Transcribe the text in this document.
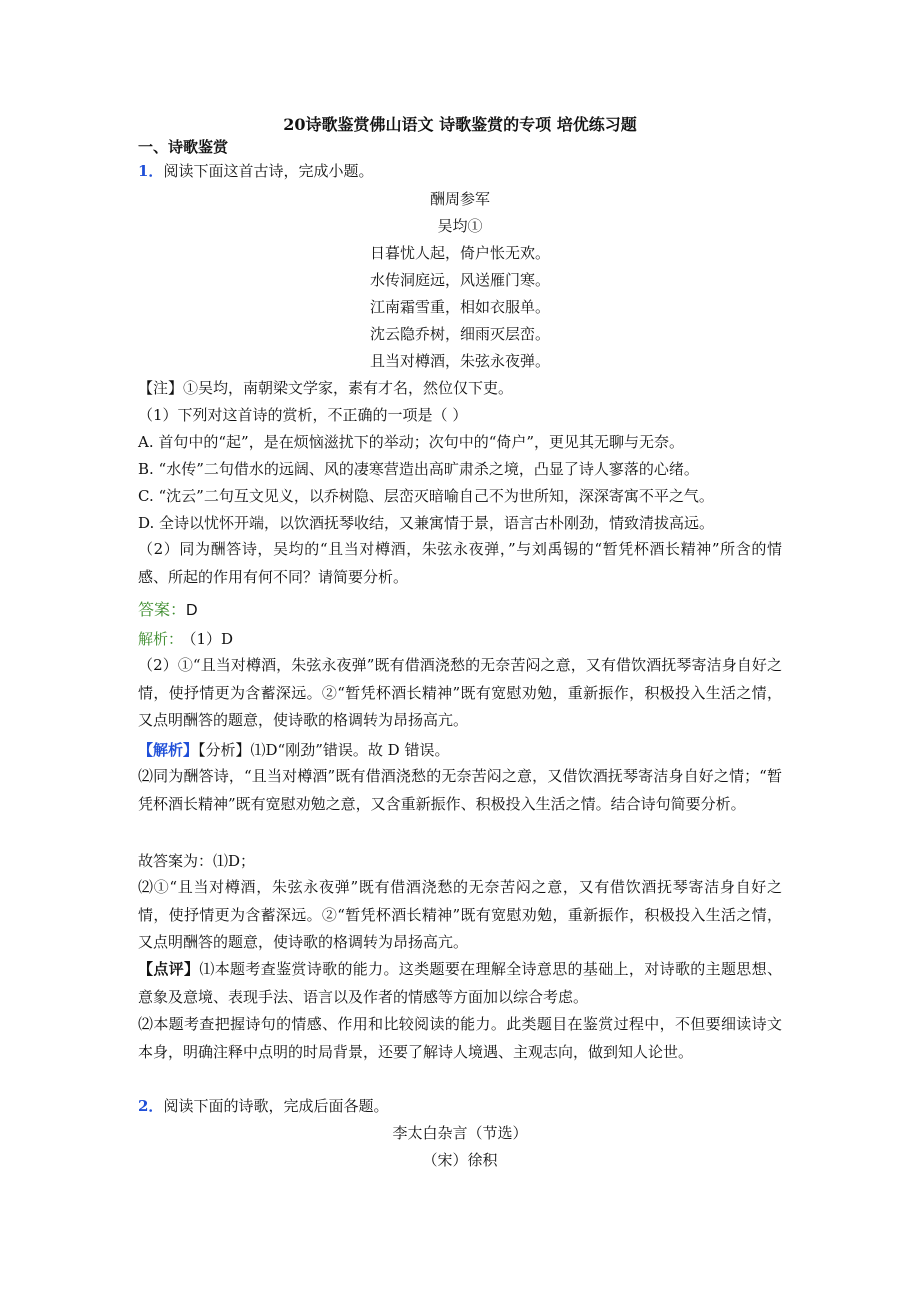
20诗歌鉴赏佛山语文 诗歌鉴赏的专项 培优练习题
一、诗歌鉴赏
1．阅读下面这首古诗，完成小题。
酬周参军
吴均①
日暮忧人起，倚户怅无欢。
水传洞庭远，风送雁门寒。
江南霜雪重，相如衣服单。
沈云隐乔树，细雨灭层峦。
且当对樽酒，朱弦永夜弹。
【注】①吴均，南朝梁文学家，素有才名，然位仅下吏。
（1）下列对这首诗的赏析，不正确的一项是（ ）
A. 首句中的“起”，是在烦恼滋扰下的举动；次句中的“倚户”，更见其无聊与无奈。
B. “水传”二句借水的远阔、风的凄寒营造出高旷肃杀之境，凸显了诗人寥落的心绪。
C. “沈云”二句互文见义，以乔树隐、层峦灭暗喻自己不为世所知，深深寄寓不平之气。
D. 全诗以忧怀开端，以饮酒抚琴收结，又兼寓情于景，语言古朴刚劲，情致清拔高远。
（2）同为酬答诗，吴均的“且当对樽酒，朱弦永夜弹，”与刘禹锡的“暂凭杯酒长精神”所含的情感、所起的作用有何不同？请简要分析。
答案：D
解析： （1）D
（2）①“且当对樽酒，朱弦永夜弹”既有借酒浇愁的无奈苦闷之意，又有借饮酒抚琴寄洁身自好之情，使抒情更为含蓄深远。②“暂凭杯酒长精神”既有宽慰劝勉，重新振作，积极投入生活之情，又点明酬答的题意，使诗歌的格调转为昂扬高亢。
【解析】【分析】⑴D“刚劲”错误。故 D 错误。
⑵同为酬答诗，“且当对樽酒”既有借酒浇愁的无奈苦闷之意，又借饮酒抚琴寄洁身自好之情；“暂凭杯酒长精神”既有宽慰劝勉之意，又含重新振作、积极投入生活之情。结合诗句简要分析。
故答案为：⑴D；
⑵①“且当对樽酒，朱弦永夜弹”既有借酒浇愁的无奈苦闷之意，又有借饮酒抚琴寄洁身自好之情，使抒情更为含蓄深远。②“暂凭杯酒长精神”既有宽慰劝勉，重新振作，积极投入生活之情，又点明酬答的题意，使诗歌的格调转为昂扬高亢。
【点评】⑴本题考查鉴赏诗歌的能力。这类题要在理解全诗意思的基础上，对诗歌的主题思想、意象及意境、表现手法、语言以及作者的情感等方面加以综合考虑。
⑵本题考查把握诗句的情感、作用和比较阅读的能力。此类题目在鉴赏过程中，不但要细读诗文本身，明确注释中点明的时局背景，还要了解诗人境遇、主观志向，做到知人论世。
2．阅读下面的诗歌，完成后面各题。
李太白杂言（节选）
（宋）徐积
